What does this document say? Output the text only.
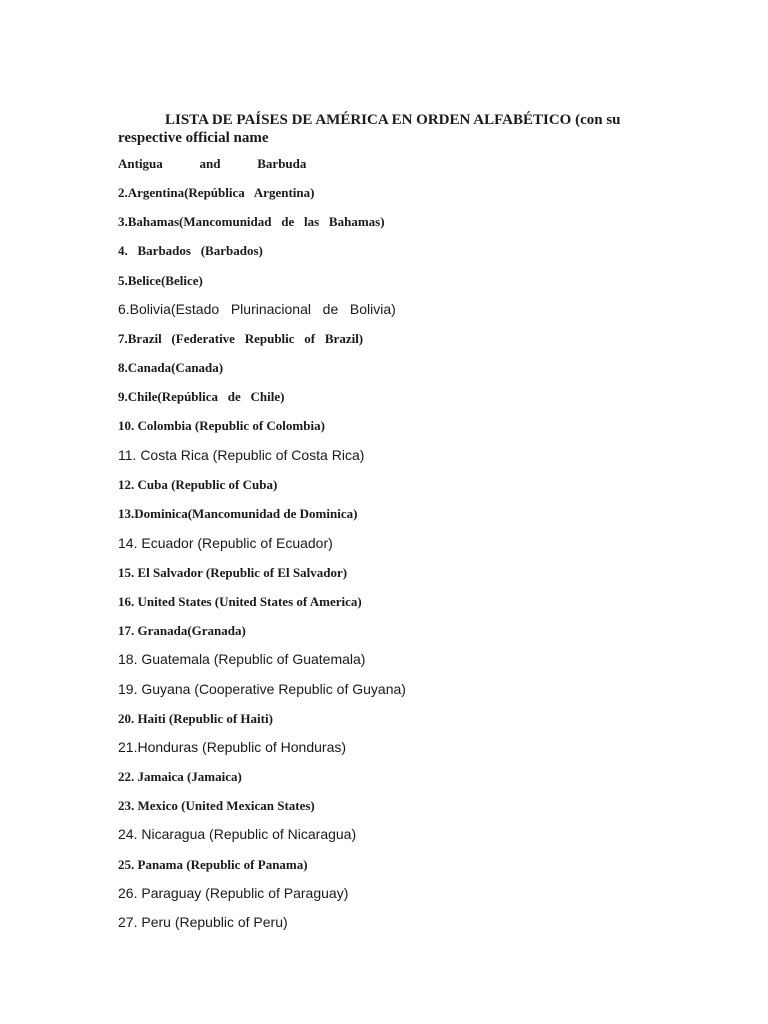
LISTA DE PAÍSES DE AMÉRICA EN ORDEN ALFABÉTICO (con su respective official name

Antigua   and   Barbuda
2.Argentina(República   Argentina)
3.Bahamas(Mancomunidad   de   las   Bahamas)
4.   Barbados   (Barbados)
5.Belice(Belice)
6.Bolivia(Estado   Plurinacional   de   Bolivia)
7.Brazil   (Federative   Republic   of   Brazil)
8.Canada(Canada)
9.Chile(República   de   Chile)
10. Colombia (Republic of Colombia)
11. Costa Rica (Republic of Costa Rica)
12. Cuba (Republic of Cuba)
13.Dominica(Mancomunidad de Dominica)
14. Ecuador (Republic of Ecuador)
15. El Salvador (Republic of El Salvador)
16. United States (United States of America)
17. Granada(Granada)
18. Guatemala (Republic of Guatemala)
19. Guyana (Cooperative Republic of Guyana)
20. Haiti (Republic of Haiti)
21.Honduras (Republic of Honduras)
22. Jamaica (Jamaica)
23. Mexico (United Mexican States)
24. Nicaragua (Republic of Nicaragua)
25. Panama (Republic of Panama)
26. Paraguay (Republic of Paraguay)
27. Peru (Republic of Peru)
